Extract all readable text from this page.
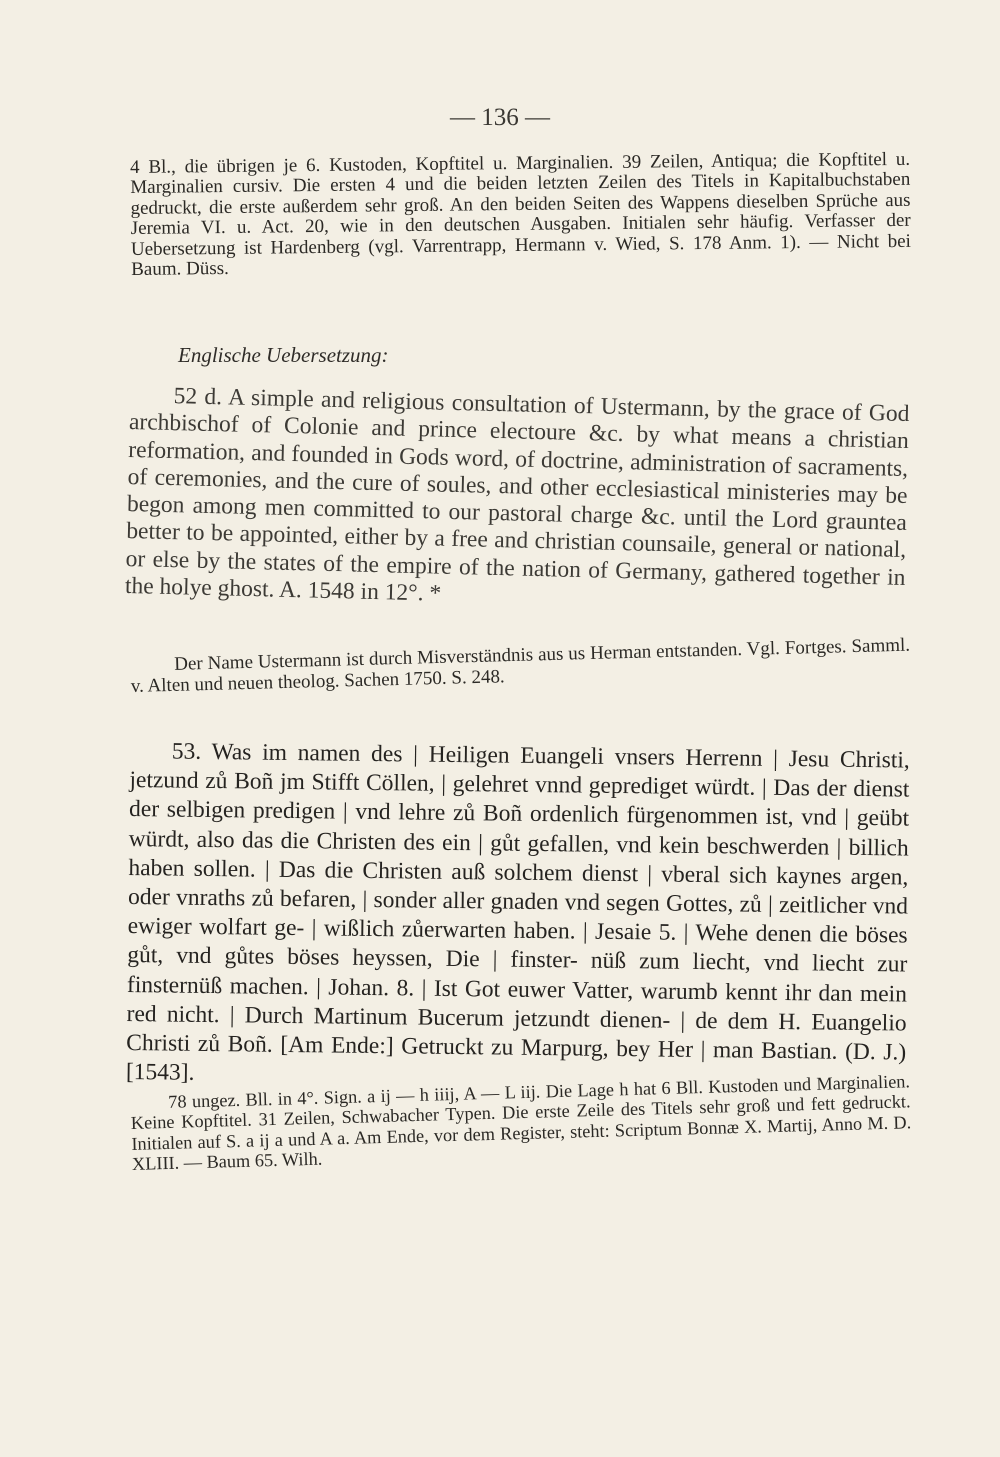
— 136 —

4 Bl., die übrigen je 6. Kustoden, Kopftitel u. Marginalien. 39 Zeilen, Antiqua; die Kopftitel u. Marginalien cursiv. Die ersten 4 und die beiden letzten Zeilen des Titels in Kapitalbuchstaben gedruckt, die erste außerdem sehr groß. An den beiden Seiten des Wappens dieselben Sprüche aus Jeremia VI. u. Act. 20, wie in den deutschen Ausgaben. Initialen sehr häufig. Verfasser der Uebersetzung ist Hardenberg (vgl. Varrentrapp, Hermann v. Wied, S. 178 Anm. 1). — Nicht bei Baum. Düss.

Englische Uebersetzung:

52 d. A simple and religious consultation of Ustermann, by the grace of God archbischof of Colonie and prince electoure &c. by what means a christian reformation, and founded in Gods word, of doctrine, administration of sacraments, of ceremonies, and the cure of soules, and other ecclesiastical ministeries may be begon among men committed to our pastoral charge &c. until the Lord grauntea better to be appointed, either by a free and christian counsaile, general or national, or else by the states of the empire of the nation of Germany, gathered together in the holye ghost. A. 1548 in 12°. *

Der Name Ustermann ist durch Misverständnis aus us Herman entstanden. Vgl. Fortges. Samml. v. Alten und neuen theolog. Sachen 1750. S. 248.

53. Was im namen des | Heiligen Euangeli vnsers Herrenn | Jesu Christi, jetzund zů Boñ jm Stifft Cöllen, | gelehret vnnd geprediget würdt. | Das der dienst der selbigen predigen | vnd lehre zů Boñ ordenlich fürgenommen ist, vnd | geübt würdt, also das die Christen des ein | gůt gefallen, vnd kein beschwerden | billich haben sollen. | Das die Christen auß solchem dienst | vberal sich kaynes argen, oder vnraths zů befaren, | sonder aller gnaden vnd segen Gottes, zů | zeitlicher vnd ewiger wolfart ge- | wißlich zůerwarten haben. | Jesaie 5. | Wehe denen die böses gůt, vnd gůtes böses heyssen, Die | finster- nüß zum liecht, vnd liecht zur finsternüß machen. | Johan. 8. | Ist Got euwer Vatter, warumb kennt ihr dan mein red nicht. | Durch Martinum Bucerum jetzundt dienen- | de dem H. Euangelio Christi zů Boñ. [Am Ende:] Getruckt zu Marpurg, bey Her | man Bastian. (D. J.) [1543].

78 ungez. Bll. in 4°. Sign. a ij — h iiij, A — L iij. Die Lage h hat 6 Bll. Kustoden und Marginalien. Keine Kopftitel. 31 Zeilen, Schwabacher Typen. Die erste Zeile des Titels sehr groß und fett gedruckt. Initialen auf S. a ij a und A a. Am Ende, vor dem Register, steht: Scriptum Bonnæ X. Martij, Anno M. D. XLIII. — Baum 65. Wilh.
